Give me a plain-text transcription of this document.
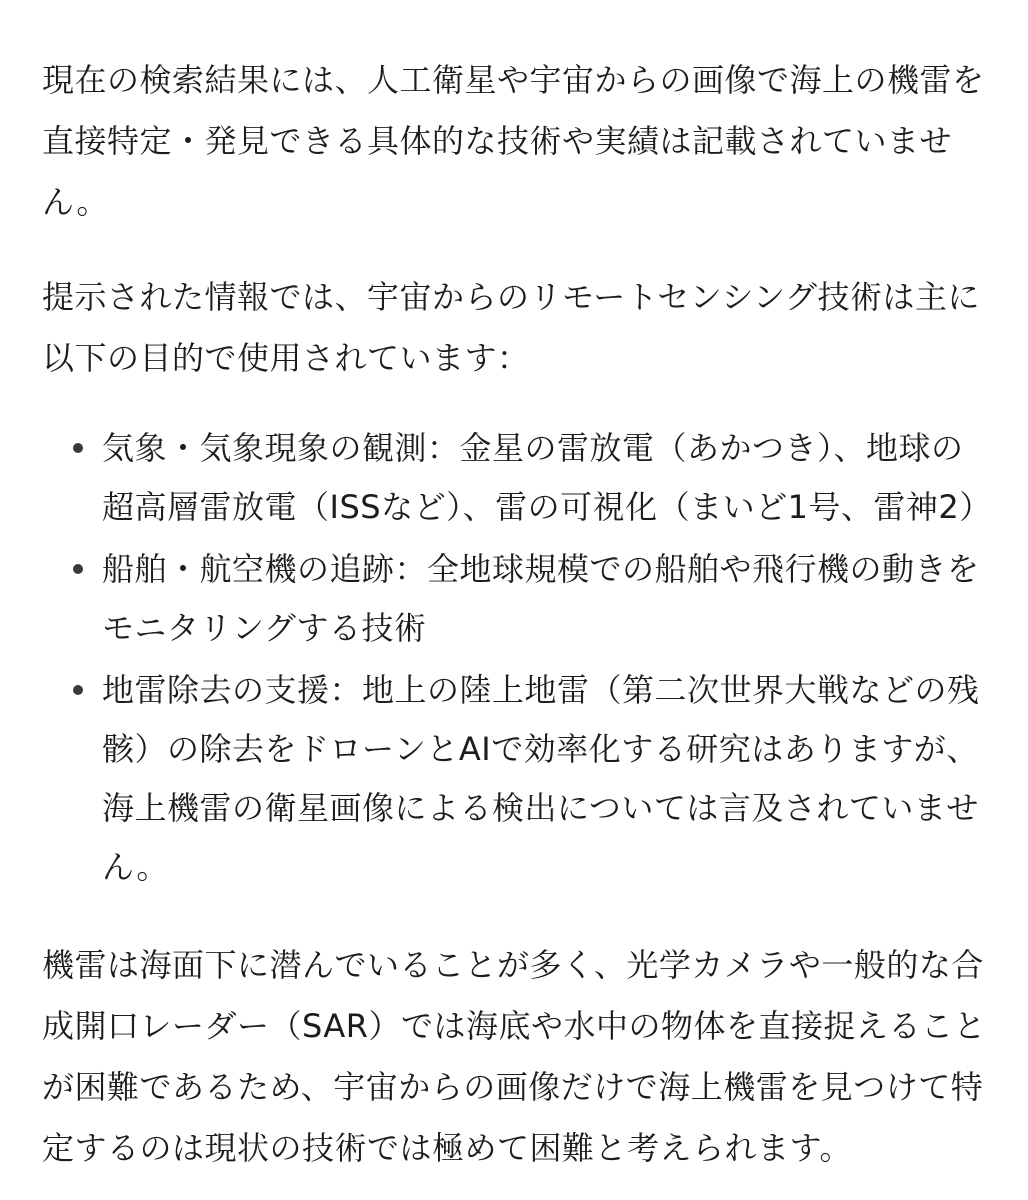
現在の検索結果には、人工衛星や宇宙からの画像で海上の機雷を直接特定・発見できる具体的な技術や実績は記載されていません。

提示された情報では、宇宙からのリモートセンシング技術は主に以下の目的で使用されています：

気象・気象現象の観測：金星の雷放電（あかつき）、地球の超高層雷放電（ISSなど）、雷の可視化（まいど1号、雷神2）
船舶・航空機の追跡：全地球規模での船舶や飛行機の動きをモニタリングする技術
地雷除去の支援：地上の陸上地雷（第二次世界大戦などの残骸）の除去をドローンとAIで効率化する研究はありますが、海上機雷の衛星画像による検出については言及されていません。

機雷は海面下に潜んでいることが多く、光学カメラや一般的な合成開口レーダー（SAR）では海底や水中の物体を直接捉えることが困難であるため、宇宙からの画像だけで海上機雷を見つけて特定するのは現状の技術では極めて困難と考えられます。
